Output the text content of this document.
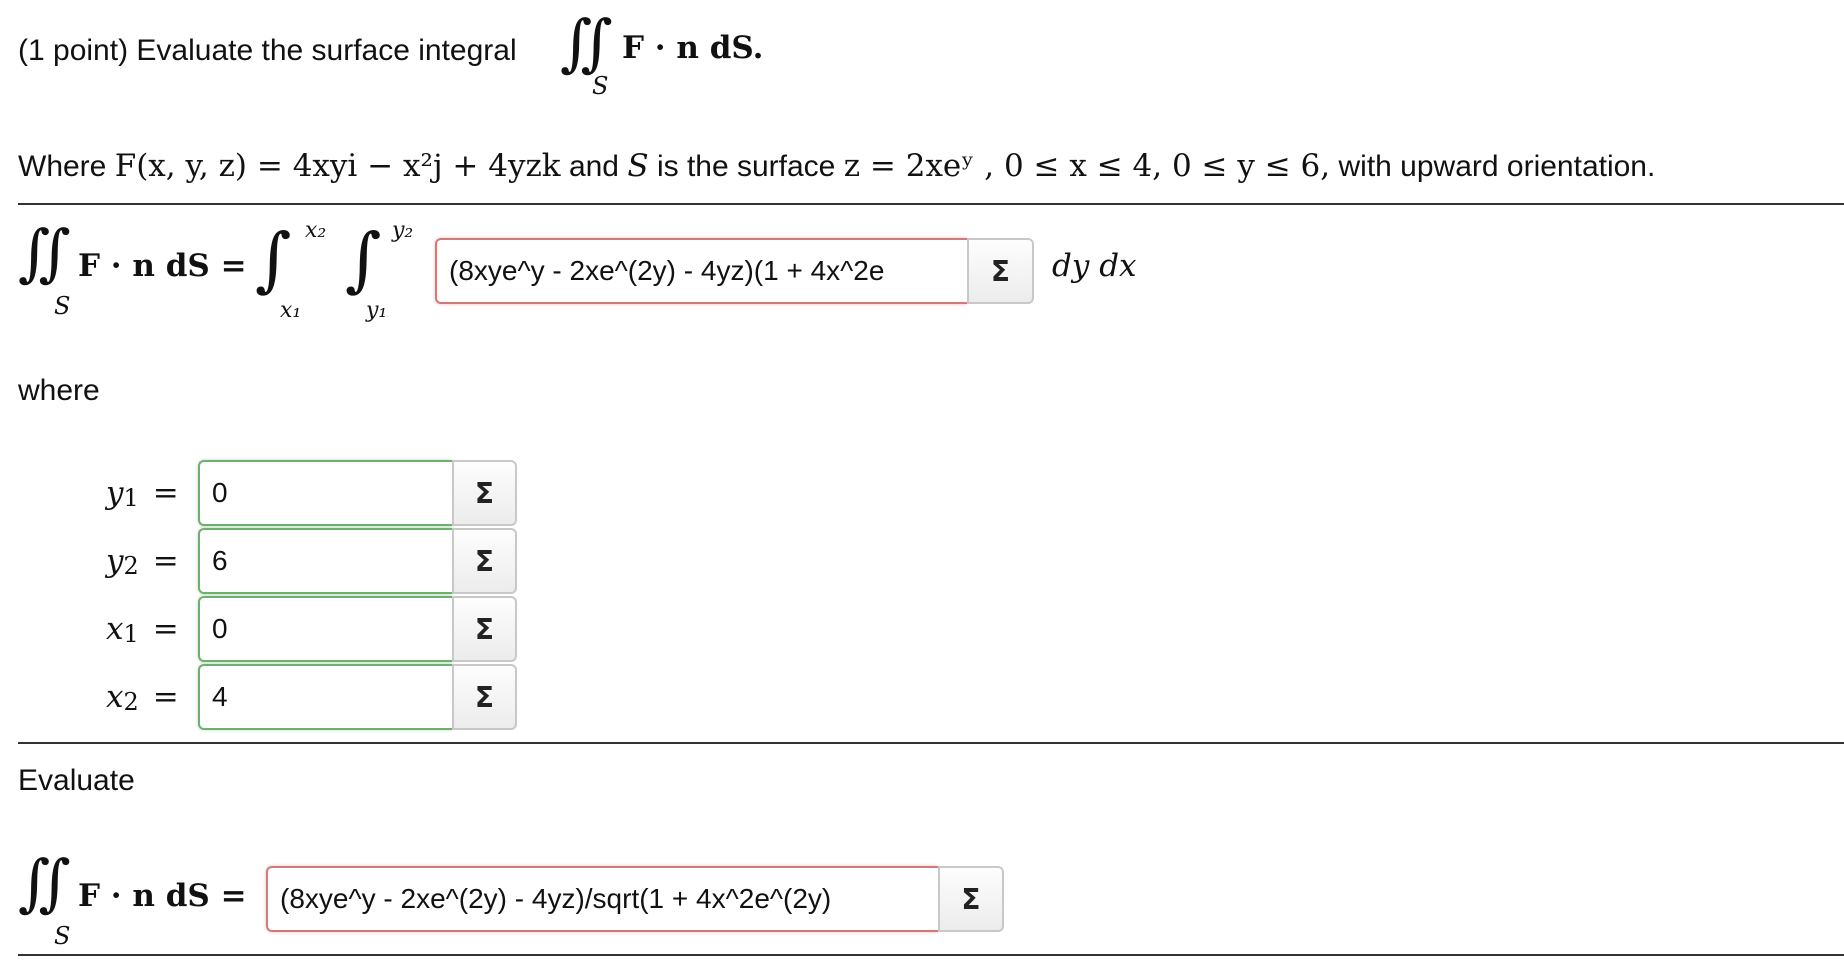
(1 point)
Evaluate the surface integral ∬
S
F · n dS.
Where
F(x, y, z) = 4xyi − x²j + 4yzk
and
S
is the surface
z = 2xeʸ , 0 ≤ x ≤ 4, 0 ≤ y ≤ 6,
with upward orientation.
∬
S
F · n dS = ∫ x₂
x₁
∫ y₂
y₁
(8xye^y - 2xe^(2y) - 4yz)(1 + 4x^2e	Σ	dy dx
where
$y_1$ =	0	Σ
$y_2$ =	6	Σ
$x_1$ =	0	Σ
$x_2$ =	4	Σ
Evaluate
∬
S
F · n dS =	(8xye^y - 2xe^(2y) - 4yz)/sqrt(1 + 4x^2e^(2y)	Σ
